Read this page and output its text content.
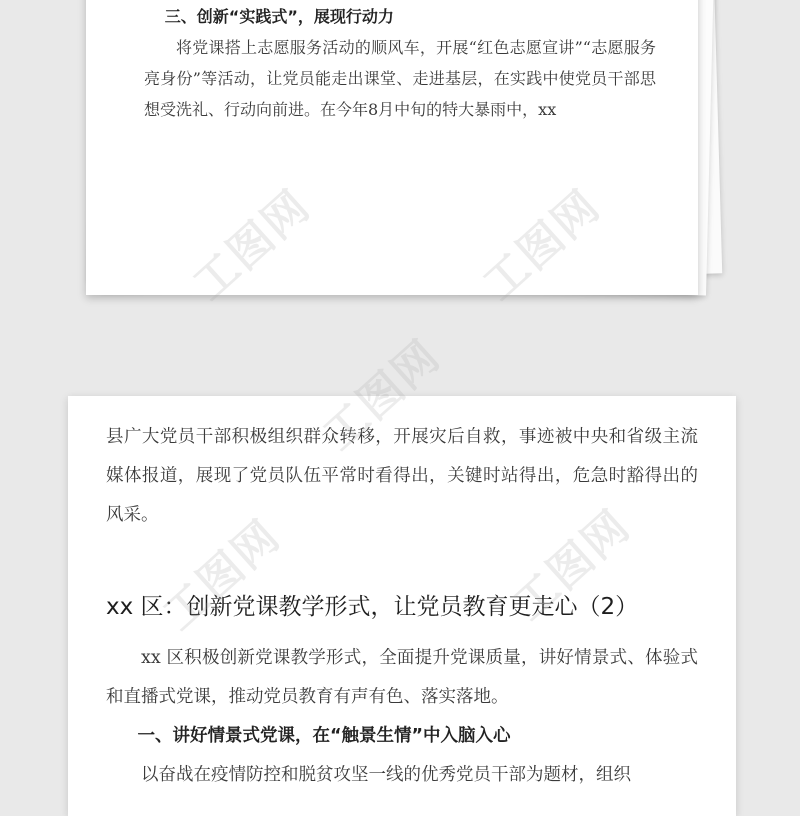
三、创新“实践式”，展现行动力

将党课搭上志愿服务活动的顺风车，开展“红色志愿宣讲”“志愿服务亮身份”等活动，让党员能走出课堂、走进基层，在实践中使党员干部思想受洗礼、行动向前进。在今年8月中旬的特大暴雨中，xx

县广大党员干部积极组织群众转移，开展灾后自救，事迹被中央和省级主流媒体报道，展现了党员队伍平常时看得出，关键时站得出，危急时豁得出的风采。

xx 区：创新党课教学形式，让党员教育更走心（2）

xx 区积极创新党课教学形式，全面提升党课质量，讲好情景式、体验式和直播式党课，推动党员教育有声有色、落实落地。

一、讲好情景式党课，在“触景生情”中入脑入心

以奋战在疫情防控和脱贫攻坚一线的优秀党员干部为题材，组织

工图网	工图网
工图网
工图网	工图网
